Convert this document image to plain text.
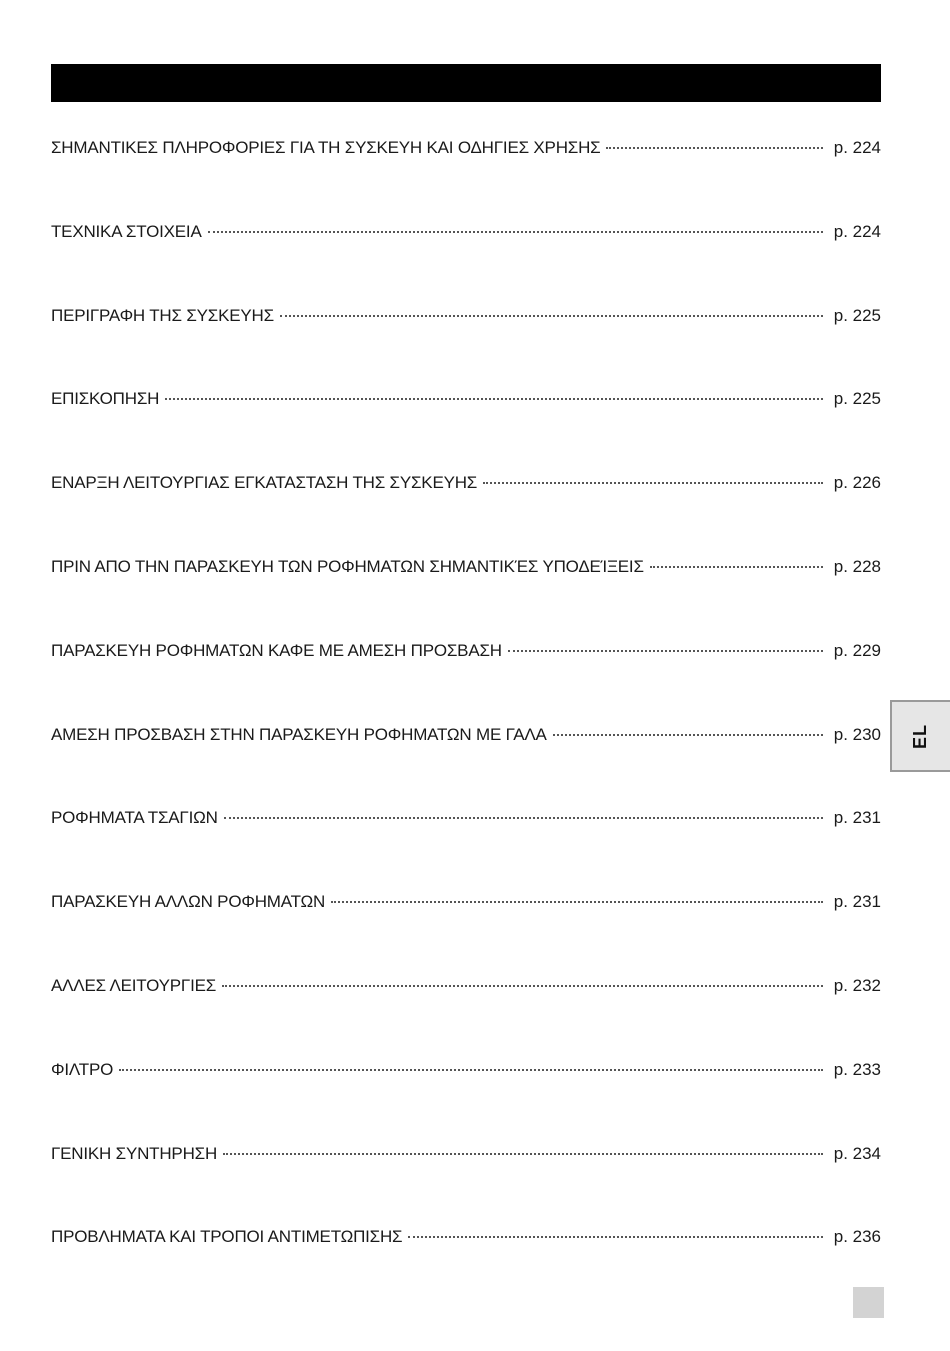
ΣΗΜΑΝΤΙΚΕΣ ΠΛΗΡΟΦΟΡΙΕΣ ΓΙΑ ΤΗ ΣΥΣΚΕΥΗ ΚΑΙ ΟΔΗΓΙΕΣ ΧΡΗΣΗΣ	p. 224
ΤΕΧΝΙΚΑ ΣΤΟΙΧΕΙΑ	p. 224
ΠΕΡΙΓΡΑΦΗ ΤΗΣ ΣΥΣΚΕΥΗΣ	p. 225
ΕΠΙΣΚΟΠΗΣΗ	p. 225
ΕΝΑΡΞΗ ΛΕΙΤΟΥΡΓΙΑΣ ΕΓΚΑΤΑΣΤΑΣΗ ΤΗΣ ΣΥΣΚΕΥΗΣ	p. 226
ΠΡΙΝ ΑΠΟ ΤΗΝ ΠΑΡΑΣΚΕΥΗ ΤΩΝ ΡΟΦΗΜΑΤΩΝ ΣΗΜΑΝΤΙΚΈΣ ΥΠΟΔΕΊΞΕΙΣ	p. 228
ΠΑΡΑΣΚΕΥΗ ΡΟΦΗΜΑΤΩΝ ΚΑΦΕ ΜΕ ΑΜΕΣΗ ΠΡΟΣΒΑΣΗ	p. 229
ΑΜΕΣΗ ΠΡΟΣΒΑΣΗ ΣΤΗΝ ΠΑΡΑΣΚΕΥΗ ΡΟΦΗΜΑΤΩΝ ΜΕ ΓΑΛΑ	p. 230
ΡΟΦΗΜΑΤΑ ΤΣΑΓΙΩΝ	p. 231
ΠΑΡΑΣΚΕΥΗ ΑΛΛΩΝ ΡΟΦΗΜΑΤΩΝ	p. 231
ΑΛΛΕΣ ΛΕΙΤΟΥΡΓΙΕΣ	p. 232
ΦΙΛΤΡΟ	p. 233
ΓΕΝΙΚΗ ΣΥΝΤΗΡΗΣΗ	p. 234
ΠΡΟΒΛΗΜΑΤΑ ΚΑΙ ΤΡΟΠΟΙ ΑΝΤΙΜΕΤΩΠΙΣΗΣ	p. 236
EL
